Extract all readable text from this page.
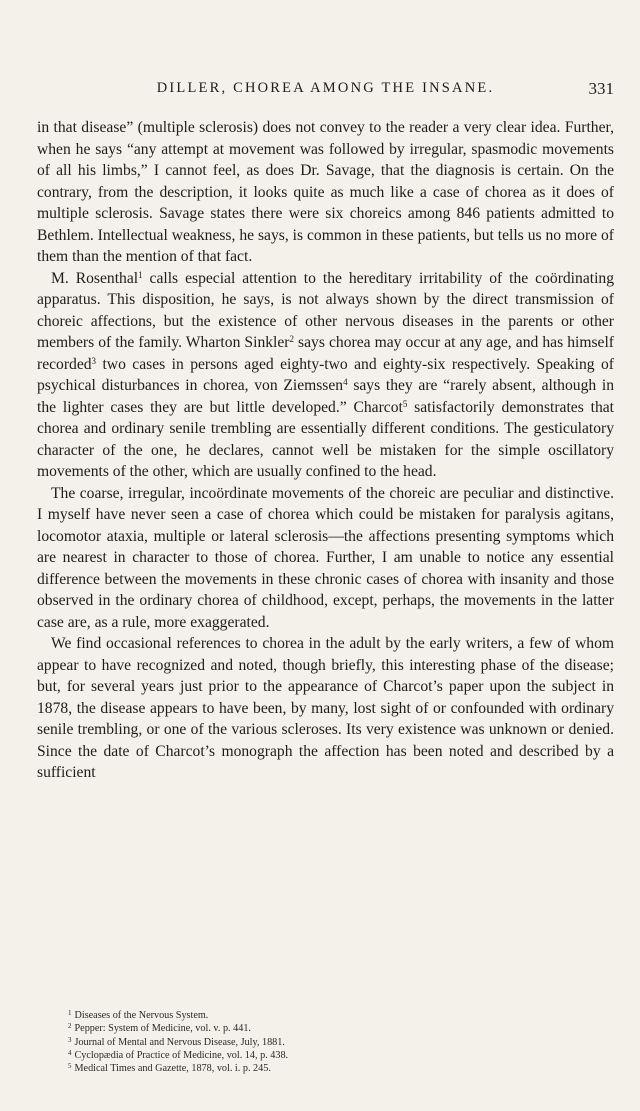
DILLER, CHOREA AMONG THE INSANE.	331

in that disease” (multiple sclerosis) does not convey to the reader a very clear idea. Further, when he says “any attempt at movement was followed by irregular, spasmodic movements of all his limbs,” I cannot feel, as does Dr. Savage, that the diagnosis is certain. On the contrary, from the description, it looks quite as much like a case of chorea as it does of multiple sclerosis. Savage states there were six choreics among 846 patients admitted to Bethlem. Intellectual weakness, he says, is common in these patients, but tells us no more of them than the mention of that fact.

M. Rosenthal$^1$ calls especial attention to the hereditary irritability of the coördinating apparatus. This disposition, he says, is not always shown by the direct transmission of choreic affections, but the existence of other nervous diseases in the parents or other members of the family. Wharton Sinkler$^2$ says chorea may occur at any age, and has himself recorded$^3$ two cases in persons aged eighty-two and eighty-six respectively. Speaking of psychical disturbances in chorea, von Ziemssen$^4$ says they are “rarely absent, although in the lighter cases they are but little developed.” Charcot$^5$ satisfactorily demonstrates that chorea and ordinary senile trembling are essentially different conditions. The gesticulatory character of the one, he declares, cannot well be mistaken for the simple oscillatory movements of the other, which are usually confined to the head.

The coarse, irregular, incoördinate movements of the choreic are peculiar and distinctive. I myself have never seen a case of chorea which could be mistaken for paralysis agitans, locomotor ataxia, multiple or lateral sclerosis—the affections presenting symptoms which are nearest in character to those of chorea. Further, I am unable to notice any essential difference between the movements in these chronic cases of chorea with insanity and those observed in the ordinary chorea of childhood, except, perhaps, the movements in the latter case are, as a rule, more exaggerated.

We find occasional references to chorea in the adult by the early writers, a few of whom appear to have recognized and noted, though briefly, this interesting phase of the disease; but, for several years just prior to the appearance of Charcot’s paper upon the subject in 1878, the disease appears to have been, by many, lost sight of or confounded with ordinary senile trembling, or one of the various scleroses. Its very existence was unknown or denied. Since the date of Charcot’s monograph the affection has been noted and described by a sufficient

$^1$ Diseases of the Nervous System.
$^2$ Pepper: System of Medicine, vol. v. p. 441.
$^3$ Journal of Mental and Nervous Disease, July, 1881.
$^4$ Cyclopædia of Practice of Medicine, vol. 14, p. 438.
$^5$ Medical Times and Gazette, 1878, vol. i. p. 245.
